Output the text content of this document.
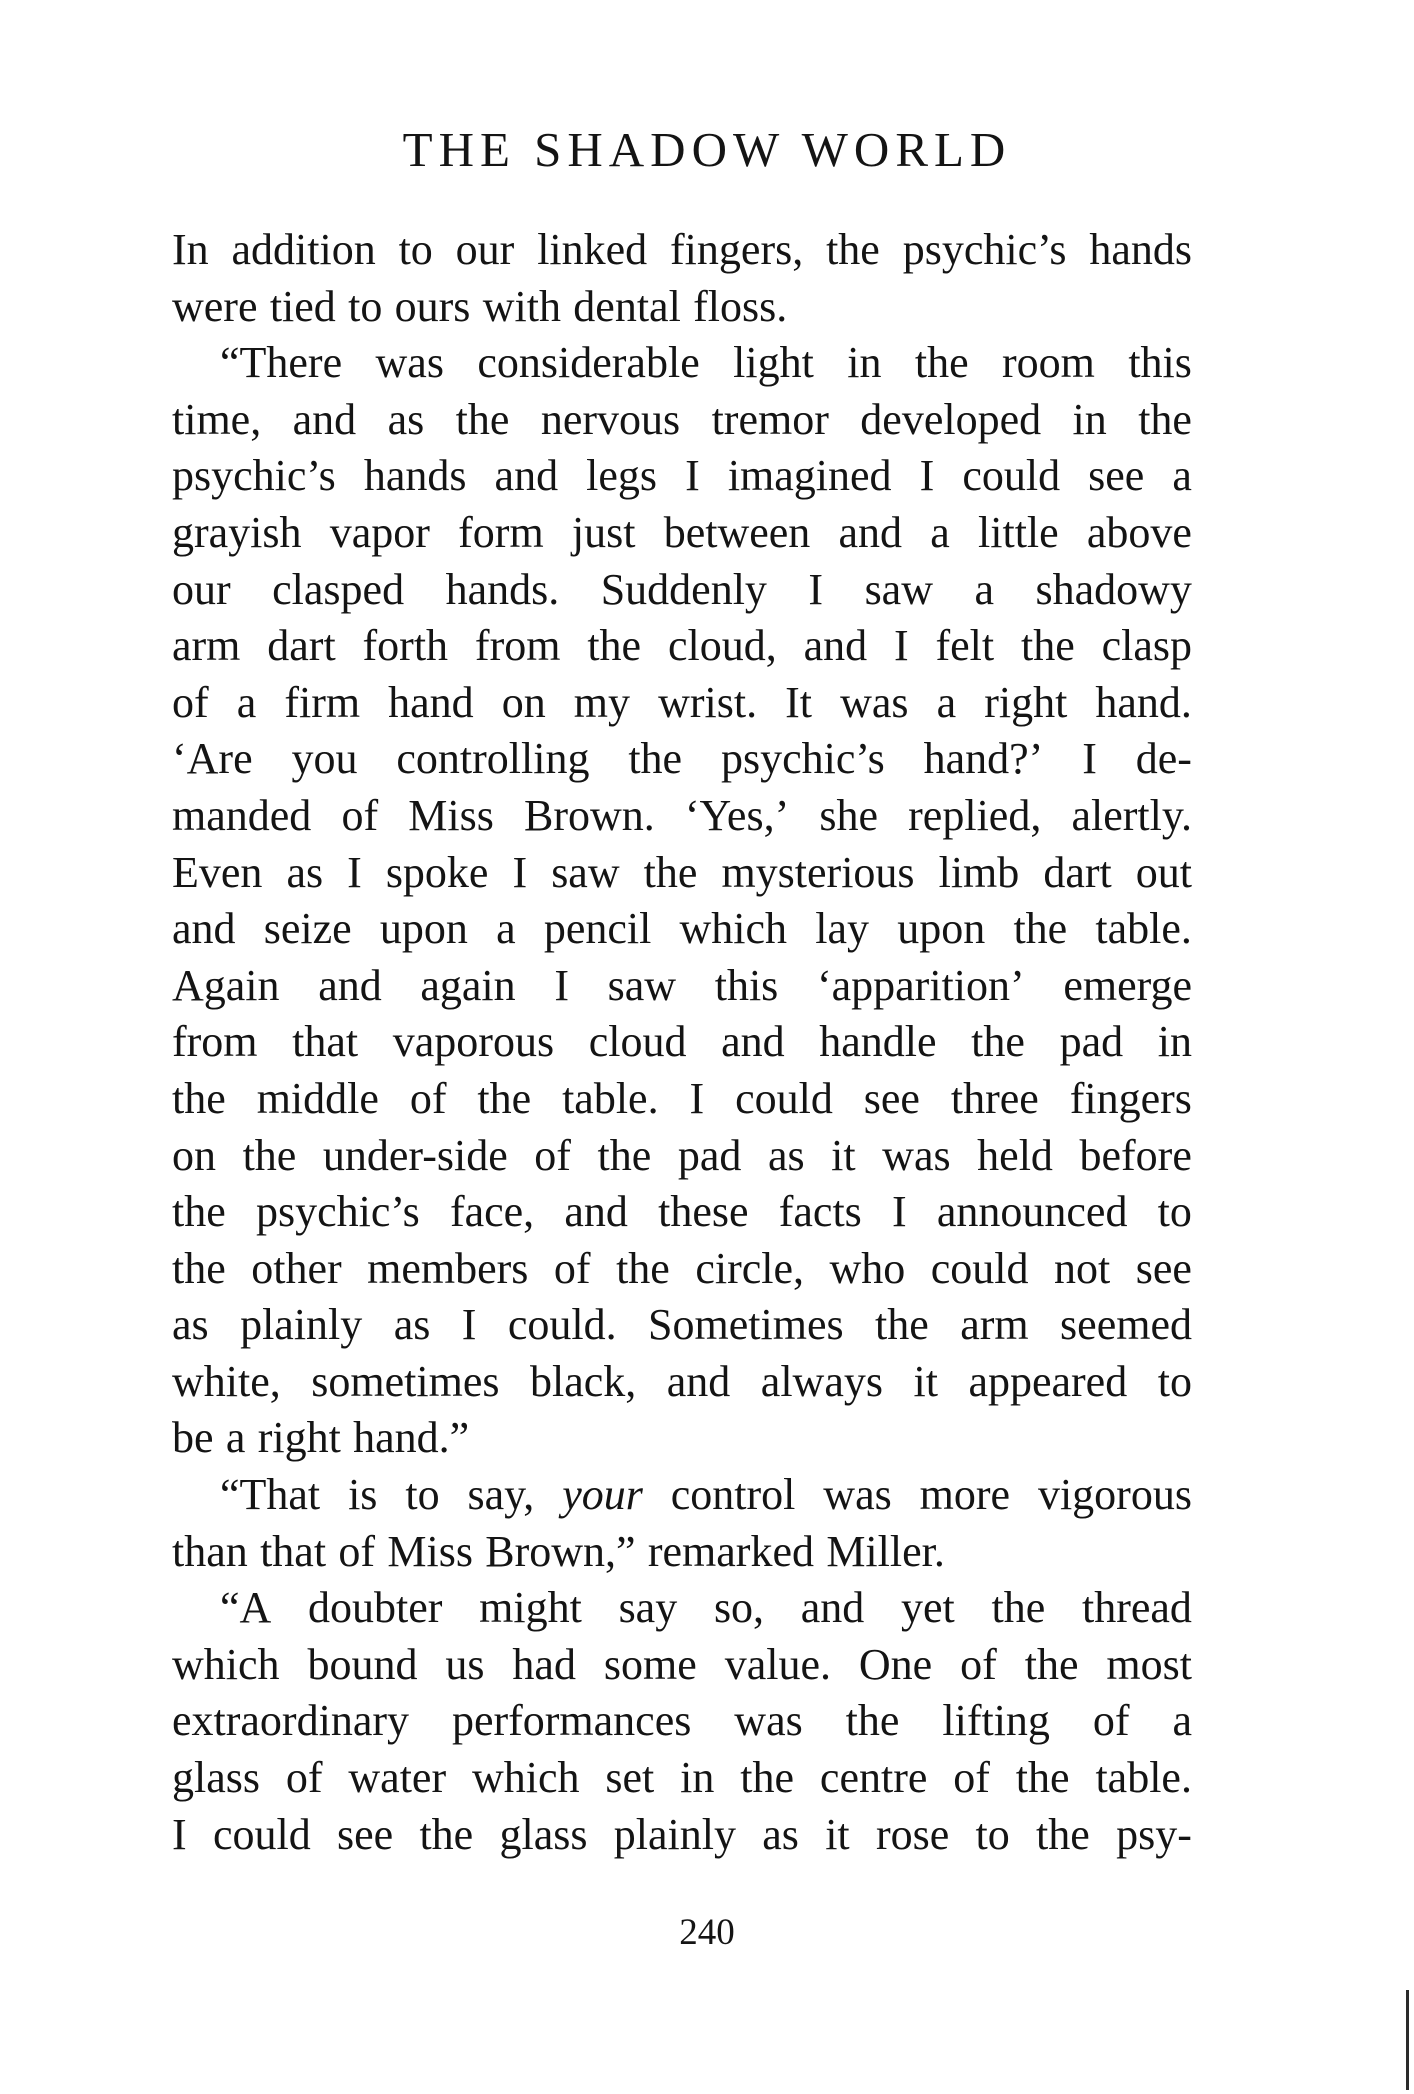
THE SHADOW WORLD
In addition to our linked fingers, the psychic’s hands
were tied to ours with dental floss.
“There was considerable light in the room this
time, and as the nervous tremor developed in the
psychic’s hands and legs I imagined I could see a
grayish vapor form just between and a little above
our clasped hands. Suddenly I saw a shadowy
arm dart forth from the cloud, and I felt the clasp
of a firm hand on my wrist. It was a right hand.
‘Are you controlling the psychic’s hand?’ I de-
manded of Miss Brown. ‘Yes,’ she replied, alertly.
Even as I spoke I saw the mysterious limb dart out
and seize upon a pencil which lay upon the table.
Again and again I saw this ‘apparition’ emerge
from that vaporous cloud and handle the pad in
the middle of the table. I could see three fingers
on the under-side of the pad as it was held before
the psychic’s face, and these facts I announced to
the other members of the circle, who could not see
as plainly as I could. Sometimes the arm seemed
white, sometimes black, and always it appeared to
be a right hand.”
“That is to say, your control was more vigorous
than that of Miss Brown,” remarked Miller.
“A doubter might say so, and yet the thread
which bound us had some value. One of the most
extraordinary performances was the lifting of a
glass of water which set in the centre of the table.
I could see the glass plainly as it rose to the psy-
240
